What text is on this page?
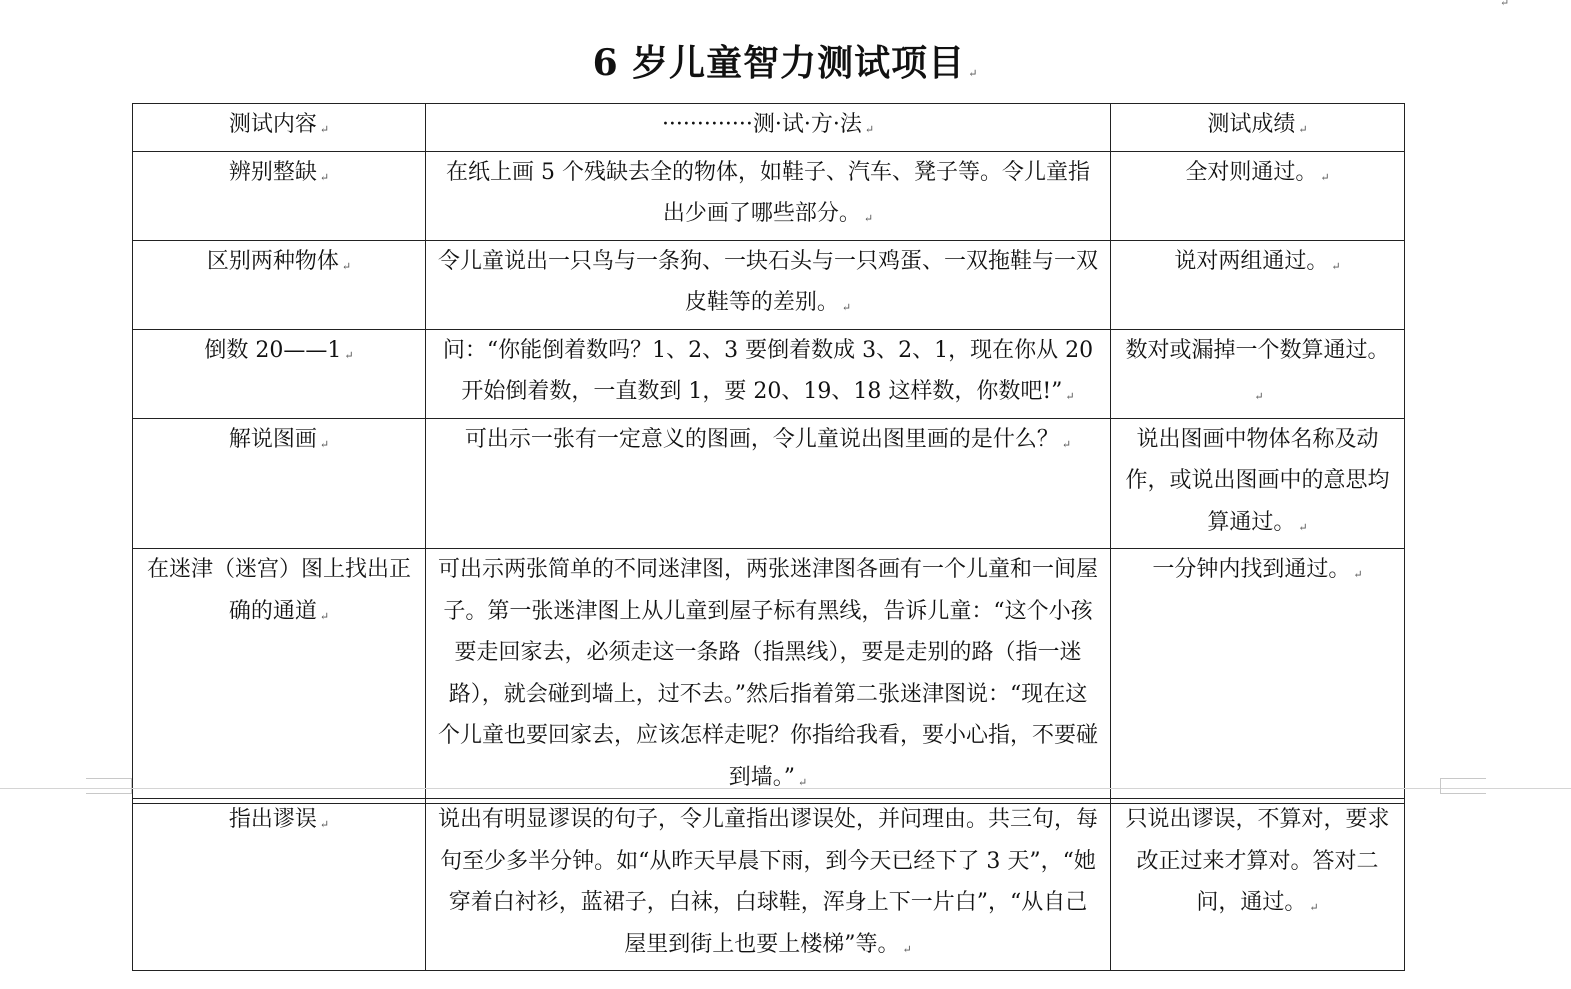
↵
6 岁儿童智力测试项目 ↵
测试内容 ↵	·············测·试·方·法 ↵	测试成绩 ↵
辨别整缺 ↵	在纸上画 5 个残缺去全的物体，如鞋子、汽车、凳子等。令儿童指出少画了哪些部分。 ↵	全对则通过。 ↵
区别两种物体 ↵	令儿童说出一只鸟与一条狗、一块石头与一只鸡蛋、一双拖鞋与一双皮鞋等的差别。 ↵	说对两组通过。 ↵
倒数 20——1 ↵	问：“你能倒着数吗？1、2、3 要倒着数成 3、2、1，现在你从 20 开始倒着数，一直数到 1，要 20、19、18 这样数，你数吧!” ↵	数对或漏掉一个数算通过。↵
解说图画 ↵	可出示一张有一定意义的图画，令儿童说出图里画的是什么？ ↵	说出图画中物体名称及动作，或说出图画中的意思均算通过。 ↵
在迷津（迷宫）图上找出正确的通道 ↵	可出示两张简单的不同迷津图，两张迷津图各画有一个儿童和一间屋子。第一张迷津图上从儿童到屋子标有黑线，告诉儿童：“这个小孩要走回家去，必须走这一条路（指黑线），要是走别的路（指一迷路），就会碰到墙上，过不去。”然后指着第二张迷津图说：“现在这个儿童也要回家去，应该怎样走呢？你指给我看，要小心指，不要碰到墙。” ↵	一分钟内找到通过。 ↵
指出谬误 ↵	说出有明显谬误的句子，令儿童指出谬误处，并问理由。共三句，每句至少多半分钟。如“从昨天早晨下雨，到今天已经下了 3 天”，“她穿着白衬衫，蓝裙子，白袜，白球鞋，浑身上下一片白”，“从自己屋里到街上也要上楼梯”等。 ↵	只说出谬误，不算对，要求改正过来才算对。答对二问，通过。 ↵
